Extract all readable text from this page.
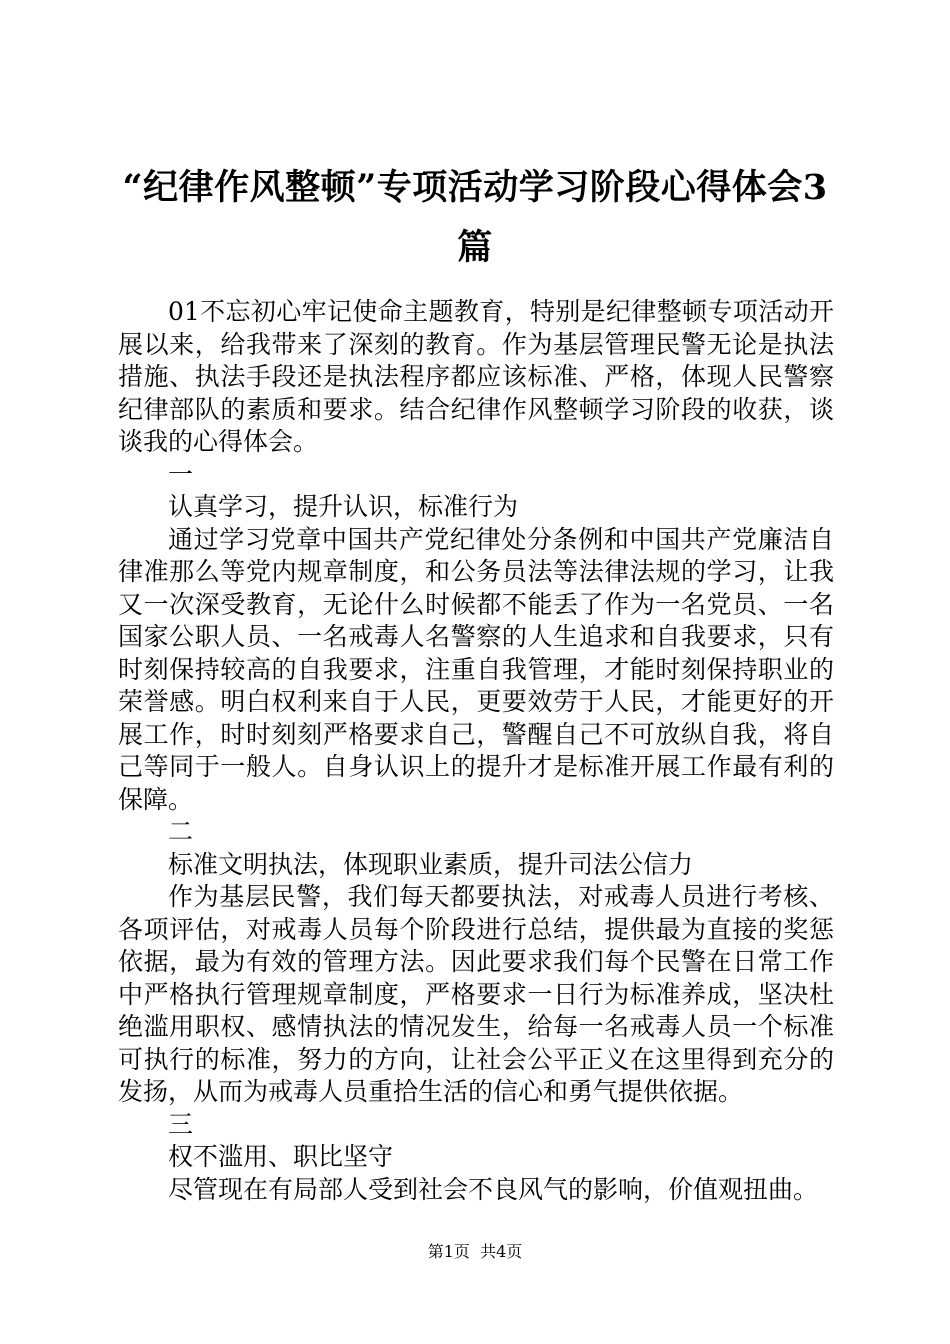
“纪律作风整顿”专项活动学习阶段心得体会3篇

01不忘初心牢记使命主题教育，特别是纪律整顿专项活动开展以来，给我带来了深刻的教育。作为基层管理民警无论是执法措施、执法手段还是执法程序都应该标准、严格，体现人民警察纪律部队的素质和要求。结合纪律作风整顿学习阶段的收获，谈谈我的心得体会。

一

认真学习，提升认识，标准行为

通过学习党章中国共产党纪律处分条例和中国共产党廉洁自律准那么等党内规章制度，和公务员法等法律法规的学习，让我又一次深受教育，无论什么时候都不能丢了作为一名党员、一名国家公职人员、一名戒毒人名警察的人生追求和自我要求，只有时刻保持较高的自我要求，注重自我管理，才能时刻保持职业的荣誉感。明白权利来自于人民，更要效劳于人民，才能更好的开展工作，时时刻刻严格要求自己，警醒自己不可放纵自我，将自己等同于一般人。自身认识上的提升才是标准开展工作最有利的保障。

二

标准文明执法，体现职业素质，提升司法公信力

作为基层民警，我们每天都要执法，对戒毒人员进行考核、各项评估，对戒毒人员每个阶段进行总结，提供最为直接的奖惩依据，最为有效的管理方法。因此要求我们每个民警在日常工作中严格执行管理规章制度，严格要求一日行为标准养成，坚决杜绝滥用职权、感情执法的情况发生，给每一名戒毒人员一个标准可执行的标准，努力的方向，让社会公平正义在这里得到充分的发扬，从而为戒毒人员重拾生活的信心和勇气提供依据。

三

权不滥用、职比坚守

尽管现在有局部人受到社会不良风气的影响，价值观扭曲。

第1页  共4页
